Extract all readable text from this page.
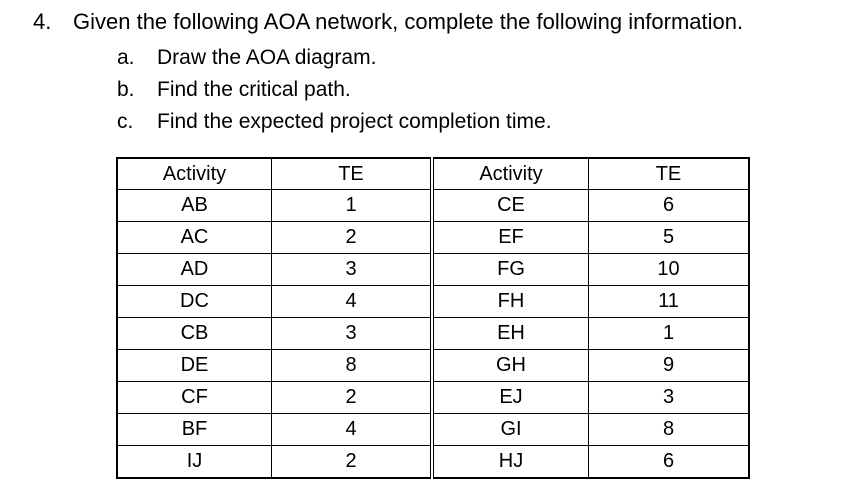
4. Given the following AOA network, complete the following information.
a. Draw the AOA diagram.
b. Find the critical path.
c. Find the expected project completion time.
Activity	TE	Activity	TE
AB	1	CE	6
AC	2	EF	5
AD	3	FG	10
DC	4	FH	11
CB	3	EH	1
DE	8	GH	9
CF	2	EJ	3
BF	4	GI	8
IJ	2	HJ	6
